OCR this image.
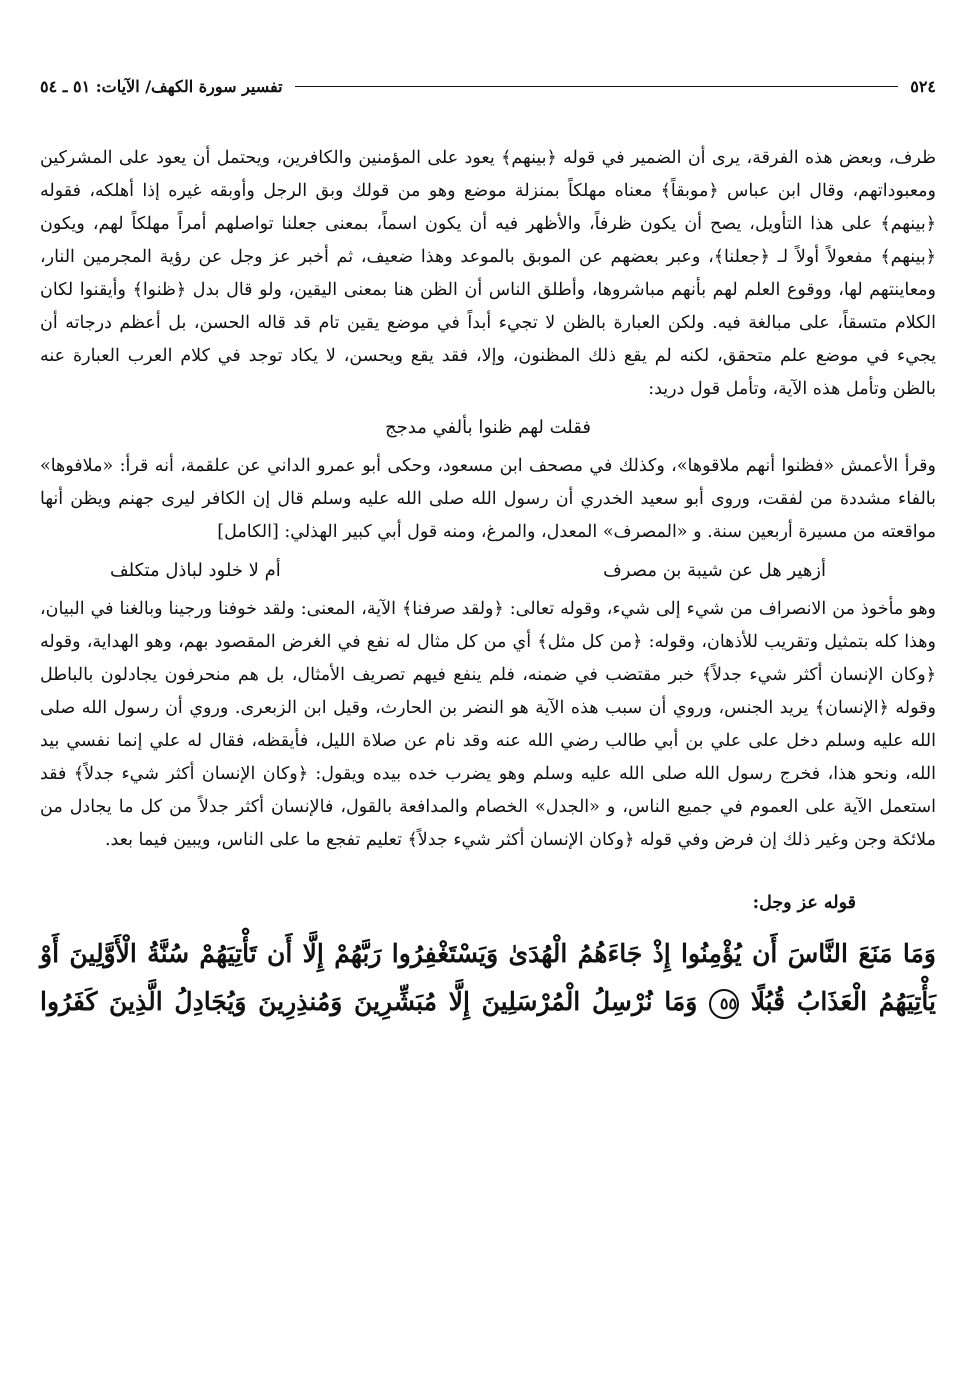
٥٢٤
تفسير سورة الكهف/ الآيات: ٥١ ـ ٥٤

ظرف، وبعض هذه الفرقة، يرى أن الضمير في قوله ﴿بينهم﴾ يعود على المؤمنين والكافرين، ويحتمل أن يعود على المشركين ومعبوداتهم، وقال ابن عباس ﴿موبقاً﴾ معناه مهلكاً بمنزلة موضع وهو من قولك وبق الرجل وأوبقه غيره إذا أهلكه، فقوله ﴿بينهم﴾ على هذا التأويل، يصح أن يكون ظرفاً، والأظهر فيه أن يكون اسماً، بمعنى جعلنا تواصلهم أمراً مهلكاً لهم، ويكون ﴿بينهم﴾ مفعولاً أولاً لـ ﴿جعلنا﴾، وعبر بعضهم عن الموبق بالموعد وهذا ضعيف، ثم أخبر عز وجل عن رؤية المجرمين النار، ومعاينتهم لها، ووقوع العلم لهم بأنهم مباشروها، وأطلق الناس أن الظن هنا بمعنى اليقين، ولو قال بدل ﴿ظنوا﴾ وأيقنوا لكان الكلام متسقاً، على مبالغة فيه. ولكن العبارة بالظن لا تجيء أبداً في موضع يقين تام قد قاله الحسن، بل أعظم درجاته أن يجيء في موضع علم متحقق، لكنه لم يقع ذلك المظنون، وإلا، فقد يقع ويحسن، لا يكاد توجد في كلام العرب العبارة عنه بالظن وتأمل هذه الآية، وتأمل قول دريد:

فقلت لهم ظنوا بألفي مدجج

وقرأ الأعمش «فظنوا أنهم ملاقوها»، وكذلك في مصحف ابن مسعود، وحكى أبو عمرو الداني عن علقمة، أنه قرأ: «ملافوها» بالفاء مشددة من لفقت، وروى أبو سعيد الخدري أن رسول الله صلى الله عليه وسلم قال إن الكافر ليرى جهنم ويظن أنها مواقعته من مسيرة أربعين سنة. و «المصرف» المعدل، والمرغ، ومنه قول أبي كبير الهذلي: [الكامل]

أزهير هل عن شيبة بن مصرف
أم لا خلود لباذل متكلف

وهو مأخوذ من الانصراف من شيء إلى شيء، وقوله تعالى: ﴿ولقد صرفنا﴾ الآية، المعنى: ولقد خوفنا ورجينا وبالغنا في البيان، وهذا كله بتمثيل وتقريب للأذهان، وقوله: ﴿من كل مثل﴾ أي من كل مثال له نفع في الغرض المقصود بهم، وهو الهداية، وقوله ﴿وكان الإنسان أكثر شيء جدلاً﴾ خبر مقتضب في ضمنه، فلم ينفع فيهم تصريف الأمثال، بل هم منحرفون يجادلون بالباطل وقوله ﴿الإنسان﴾ يريد الجنس، وروي أن سبب هذه الآية هو النضر بن الحارث، وقيل ابن الزبعرى. وروي أن رسول الله صلى الله عليه وسلم دخل على علي بن أبي طالب رضي الله عنه وقد نام عن صلاة الليل، فأيقظه، فقال له علي إنما نفسي بيد الله، ونحو هذا، فخرج رسول الله صلى الله عليه وسلم وهو يضرب خده بيده ويقول: ﴿وكان الإنسان أكثر شيء جدلاً﴾ فقد استعمل الآية على العموم في جميع الناس، و «الجدل» الخصام والمدافعة بالقول، فالإنسان أكثر جدلاً من كل ما يجادل من ملائكة وجن وغير ذلك إن فرض وفي قوله ﴿وكان الإنسان أكثر شيء جدلاً﴾ تعليم تفجع ما على الناس، ويبين فيما بعد.

قوله عز وجل:

وَمَا مَنَعَ النَّاسَ أَن يُؤْمِنُوا إِذْ جَاءَهُمُ الْهُدَىٰ وَيَسْتَغْفِرُوا رَبَّهُمْ إِلَّا أَن تَأْتِيَهُمْ سُنَّةُ الْأَوَّلِينَ أَوْ يَأْتِيَهُمُ الْعَذَابُ قُبُلًا ٥٥ وَمَا نُرْسِلُ الْمُرْسَلِينَ إِلَّا مُبَشِّرِينَ وَمُنذِرِينَ وَيُجَادِلُ الَّذِينَ كَفَرُوا
